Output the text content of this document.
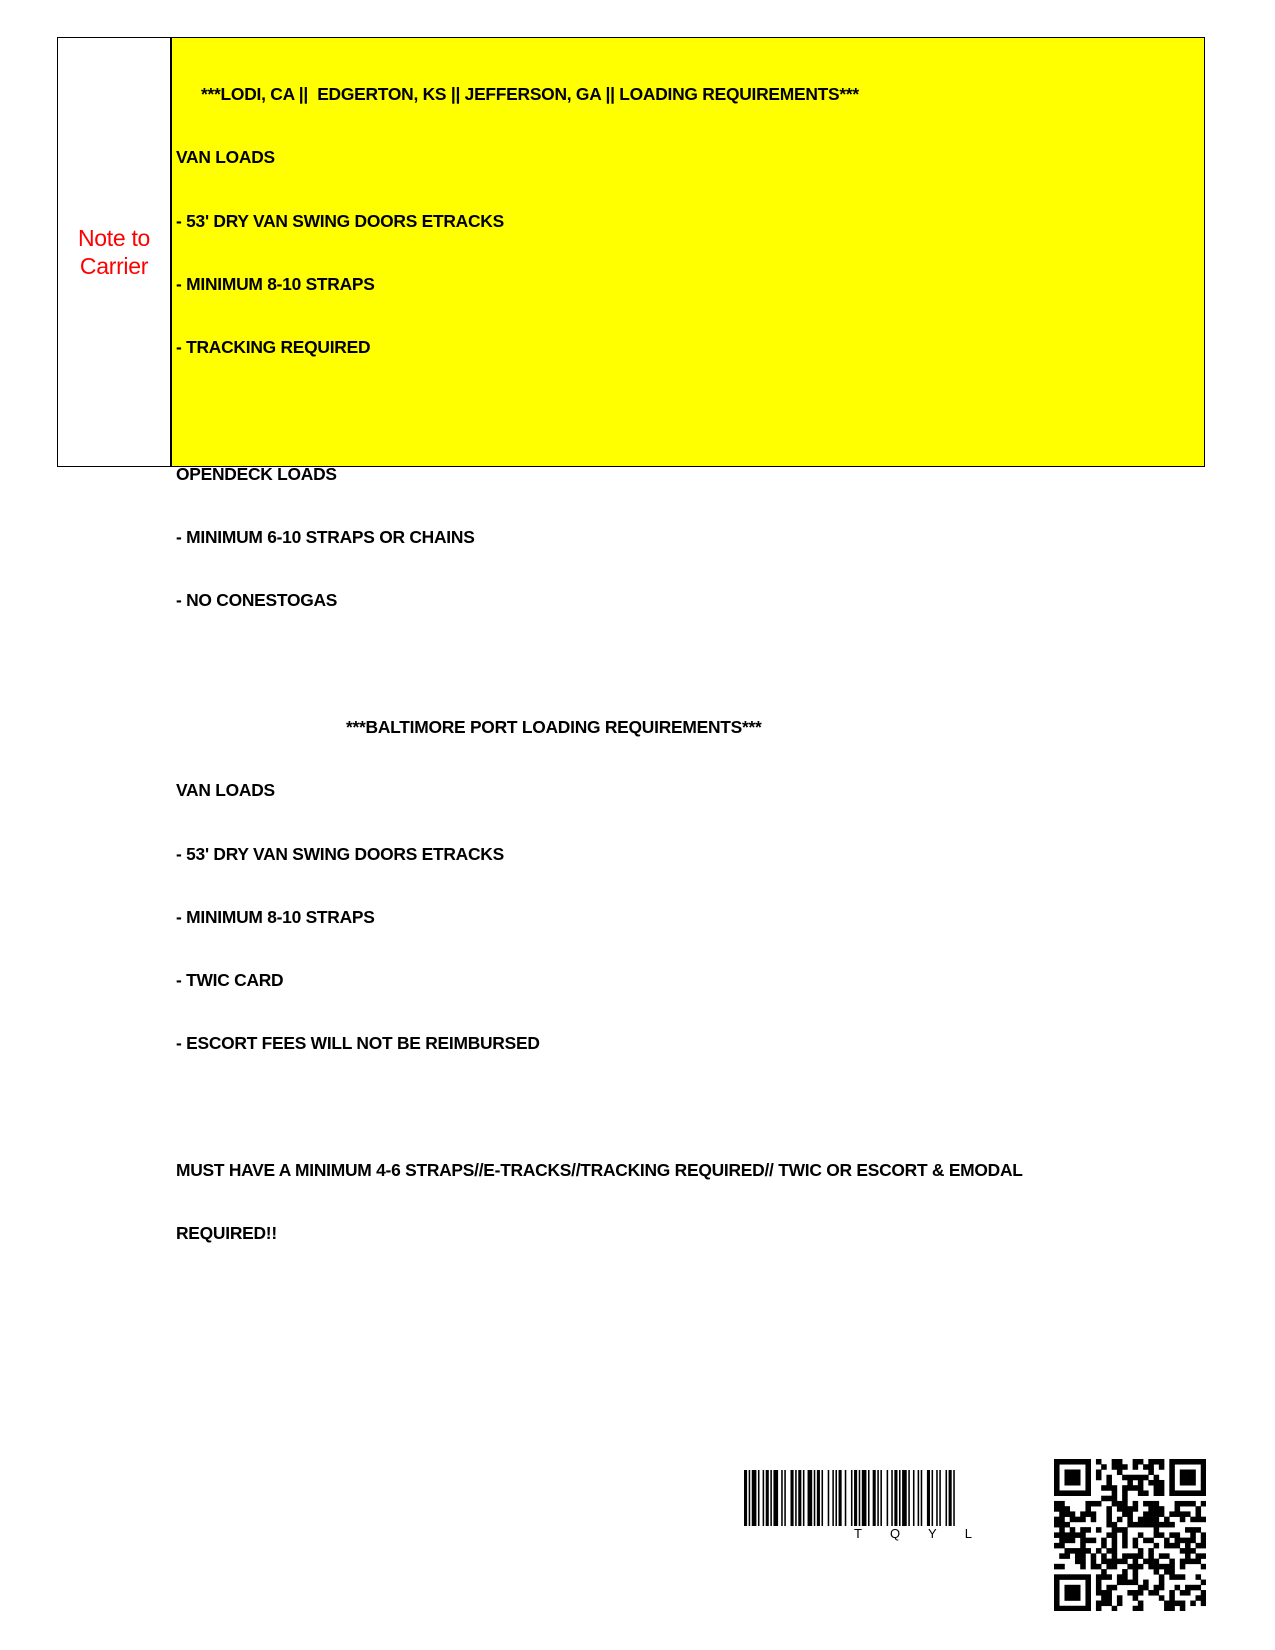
Note to
Carrier

***LODI, CA ||  EDGERTON, KS || JEFFERSON, GA || LOADING REQUIREMENTS***

VAN LOADS

- 53' DRY VAN SWING DOORS ETRACKS

- MINIMUM 8-10 STRAPS

- TRACKING REQUIRED

OPENDECK LOADS

- MINIMUM 6-10 STRAPS OR CHAINS

- NO CONESTOGAS

***BALTIMORE PORT LOADING REQUIREMENTS***

VAN LOADS

- 53' DRY VAN SWING DOORS ETRACKS

- MINIMUM 8-10 STRAPS

- TWIC CARD

- ESCORT FEES WILL NOT BE REIMBURSED

MUST HAVE A MINIMUM 4-6 STRAPS//E-TRACKS//TRACKING REQUIRED// TWIC OR ESCORT & EMODAL

REQUIRED!!

TQYL
